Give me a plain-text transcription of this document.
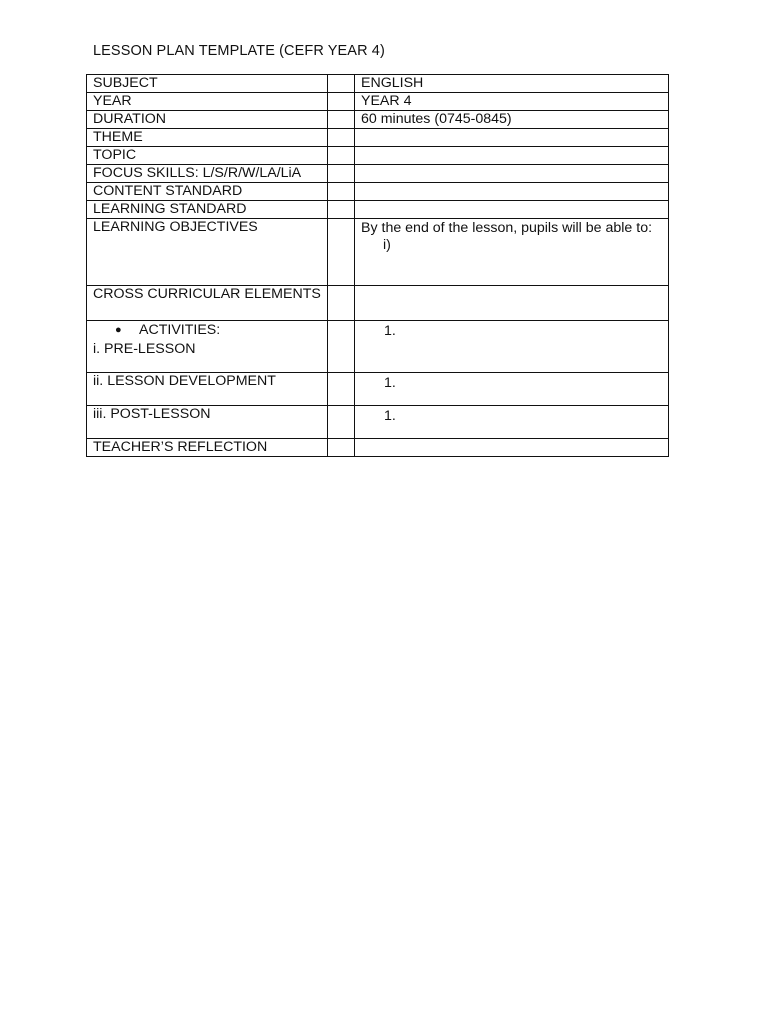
LESSON PLAN TEMPLATE (CEFR YEAR 4)
SUBJECT		ENGLISH
YEAR		YEAR 4
DURATION		60 minutes (0745-0845)
THEME		
TOPIC		
FOCUS SKILLS: L/S/R/W/LA/LiA		
CONTENT STANDARD		
LEARNING STANDARD		
LEARNING OBJECTIVES		By the end of the lesson, pupils will be able to:
i)

CROSS CURRICULAR ELEMENTS		

● ACTIVITIES:
i. PRE-LESSON		1.

ii. LESSON DEVELOPMENT		1.

iii. POST-LESSON		1.

TEACHER’S REFLECTION		
